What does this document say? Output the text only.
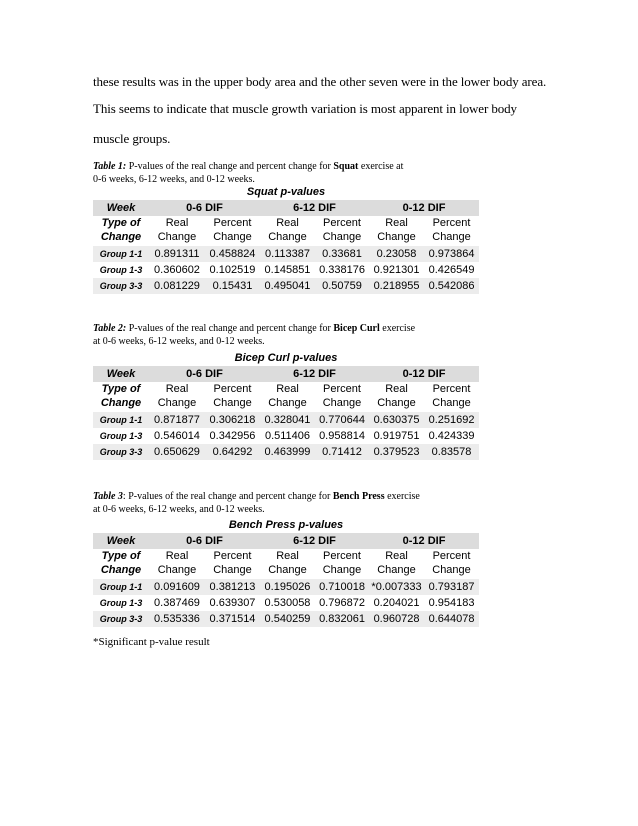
these results was in the upper body area and the other seven were in the lower body area.
This seems to indicate that muscle growth variation is most apparent in lower body
muscle groups.
Table 1: P-values of the real change and percent change for Squat exercise at
0-6 weeks, 6-12 weeks, and 0-12 weeks.
Squat p-values
Week	0-6 DIF		6-12 DIF		0-12 DIF	
Type of	Real	Percent	Real	Percent	Real	Percent
Change	Change	Change	Change	Change	Change	Change

Group 1-1	0.891311	0.458824	0.113387	0.33681	0.23058	0.973864
Group 1-3	0.360602	0.102519	0.145851	0.338176	0.921301	0.426549
Group 3-3	0.081229	0.15431	0.495041	0.50759	0.218955	0.542086
Table 2: P-values of the real change and percent change for Bicep Curl exercise
at 0-6 weeks, 6-12 weeks, and 0-12 weeks.
Bicep Curl p-values
Week	0-6 DIF		6-12 DIF		0-12 DIF	
Type of	Real	Percent	Real	Percent	Real	Percent
Change	Change	Change	Change	Change	Change	Change

Group 1-1	0.871877	0.306218	0.328041	0.770644	0.630375	0.251692
Group 1-3	0.546014	0.342956	0.511406	0.958814	0.919751	0.424339
Group 3-3	0.650629	0.64292	0.463999	0.71412	0.379523	0.83578
Table 3: P-values of the real change and percent change for Bench Press exercise
at 0-6 weeks, 6-12 weeks, and 0-12 weeks.
Bench Press p-values
Week	0-6 DIF		6-12 DIF		0-12 DIF	
Type of	Real	Percent	Real	Percent	Real	Percent
Change	Change	Change	Change	Change	Change	Change

Group 1-1	0.091609	0.381213	0.195026	0.710018	*0.007333	0.793187
Group 1-3	0.387469	0.639307	0.530058	0.796872	0.204021	0.954183
Group 3-3	0.535336	0.371514	0.540259	0.832061	0.960728	0.644078
*Significant p-value result
